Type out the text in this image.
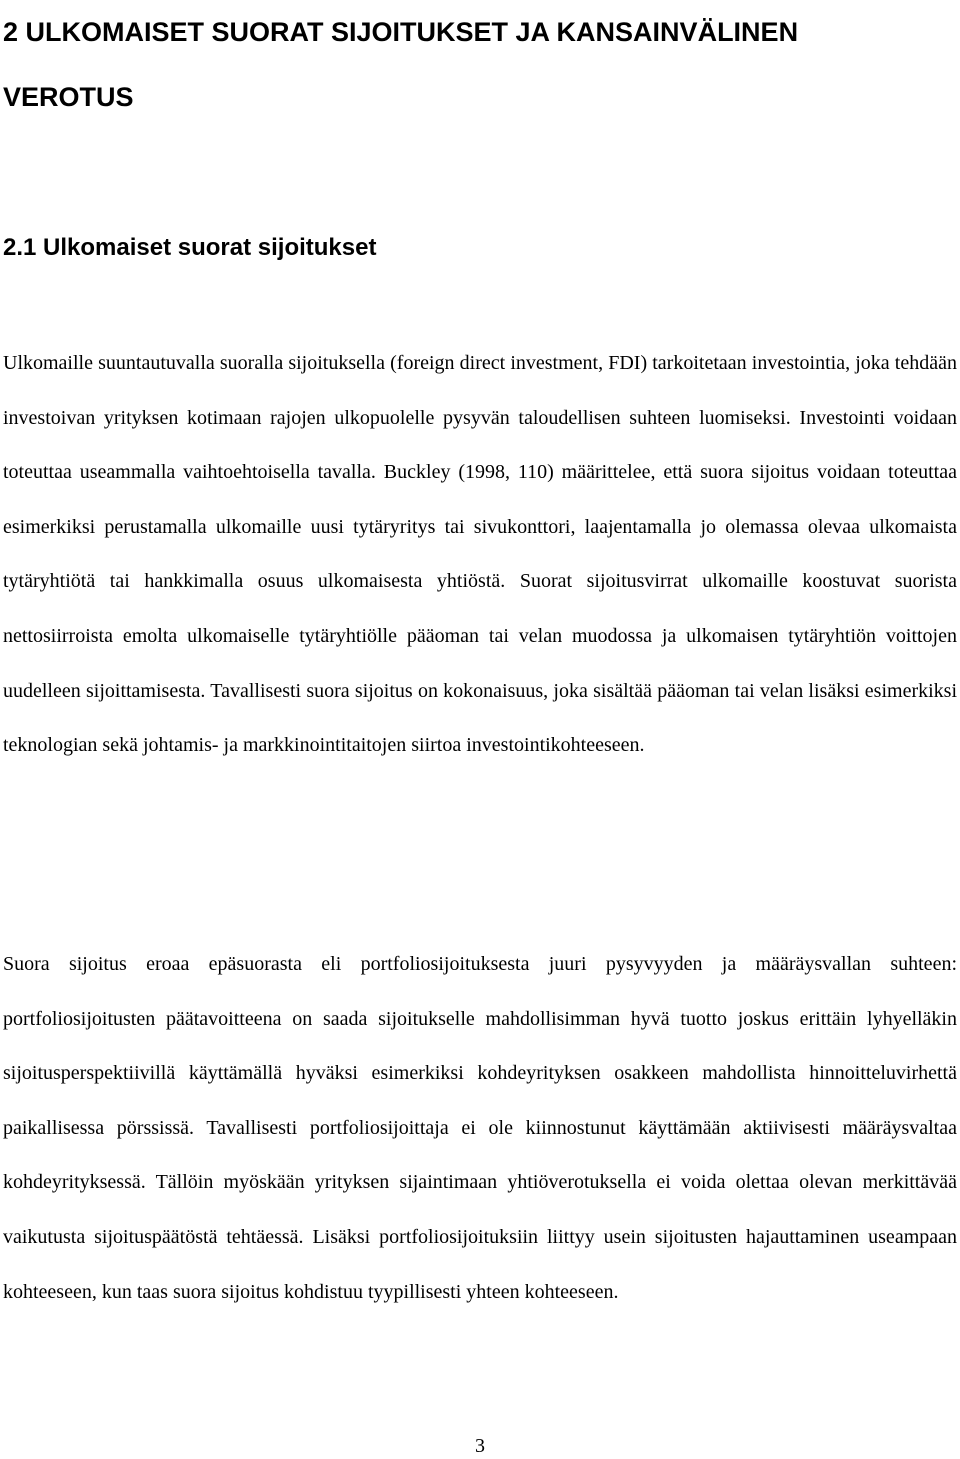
2 ULKOMAISET SUORAT SIJOITUKSET JA KANSAINVÄLINEN
VEROTUS
2.1 Ulkomaiset suorat sijoitukset

Ulkomaille suuntautuvalla suoralla sijoituksella (foreign direct investment, FDI) tarkoitetaan investointia, joka tehdään investoivan yrityksen kotimaan rajojen ulkopuolelle pysyvän taloudellisen suhteen luomiseksi. Investointi voidaan toteuttaa useammalla vaihtoehtoisella tavalla. Buckley (1998, 110) määrittelee, että suora sijoitus voidaan toteuttaa esimerkiksi perustamalla ulkomaille uusi tytäryritys tai sivukonttori, laajentamalla jo olemassa olevaa ulkomaista tytäryhtiötä tai hankkimalla osuus ulkomaisesta yhtiöstä. Suorat sijoitusvirrat ulkomaille koostuvat suorista nettosiirroista emolta ulkomaiselle tytäryhtiölle pääoman tai velan muodossa ja ulkomaisen tytäryhtiön voittojen uudelleen sijoittamisesta. Tavallisesti suora sijoitus on kokonaisuus, joka sisältää pääoman tai velan lisäksi esimerkiksi teknologian sekä johtamis- ja markkinointitaitojen siirtoa investointikohteeseen.

Suora sijoitus eroaa epäsuorasta eli portfoliosijoituksesta juuri pysyvyyden ja määräysvallan suhteen: portfoliosijoitusten päätavoitteena on saada sijoitukselle mahdollisimman hyvä tuotto joskus erittäin lyhyelläkin sijoitusperspektiivillä käyttämällä hyväksi esimerkiksi kohdeyrityksen osakkeen mahdollista hinnoitteluvirhettä paikallisessa pörssissä. Tavallisesti portfoliosijoittaja ei ole kiinnostunut käyttämään aktiivisesti määräysvaltaa kohdeyrityksessä. Tällöin myöskään yrityksen sijaintimaan yhtiöverotuksella ei voida olettaa olevan merkittävää vaikutusta sijoituspäätöstä tehtäessä. Lisäksi portfoliosijoituksiin liittyy usein sijoitusten hajauttaminen useampaan kohteeseen, kun taas suora sijoitus kohdistuu tyypillisesti yhteen kohteeseen.

3
